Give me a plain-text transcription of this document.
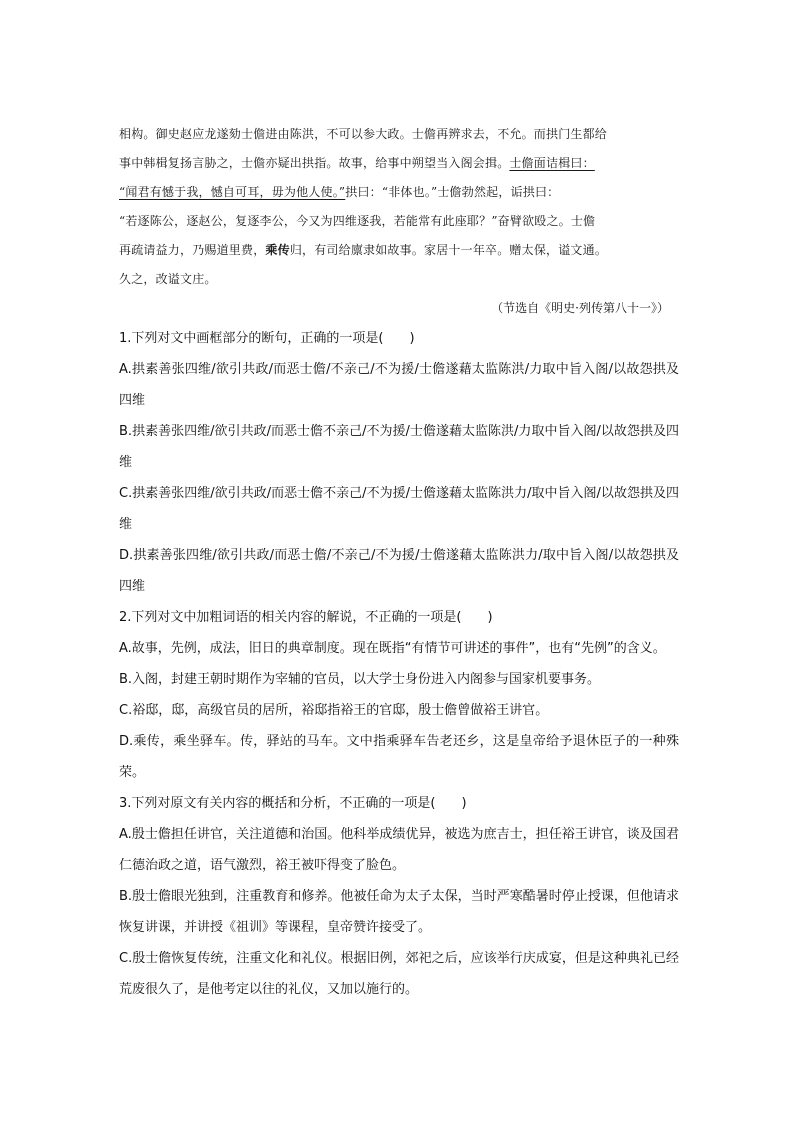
相构。御史赵应龙遂劾士儋进由陈洪，不可以参大政。士儋再辨求去，不允。而拱门生都给

事中韩楫复扬言胁之，士儋亦疑出拱指。故事，给事中朔望当入阁会揖。士儋面诘楫曰：

“闻君有憾于我，憾自可耳，毋为他人使。”拱曰：“非体也。”士儋勃然起，诟拱曰：

“若逐陈公，逐赵公，复逐李公，今又为四维逐我，若能常有此座耶？”奋臂欲殴之。士儋

再疏请益力，乃赐道里费，乘传归，有司给廪隶如故事。家居十一年卒。赠太保，谥文通。

久之，改谥文庄。

（节选自《明史·列传第八十一》）

1.下列对文中画框部分的断句，正确的一项是(　　)

A.拱素善张四维/欲引共政/而恶士儋/不亲己/不为援/士儋遂藉太监陈洪/力取中旨入阁/以故怨拱及四维

B.拱素善张四维/欲引共政/而恶士儋不亲己/不为援/士儋遂藉太监陈洪/力取中旨入阁/以故怨拱及四维

C.拱素善张四维/欲引共政/而恶士儋不亲己/不为援/士儋遂藉太监陈洪力/取中旨入阁/以故怨拱及四维

D.拱素善张四维/欲引共政/而恶士儋/不亲己/不为援/士儋遂藉太监陈洪力/取中旨入阁/以故怨拱及四维

2.下列对文中加粗词语的相关内容的解说，不正确的一项是(　　)

A.故事，先例，成法，旧日的典章制度。现在既指“有情节可讲述的事件”，也有“先例”的含义。

B.入阁，封建王朝时期作为宰辅的官员，以大学士身份进入内阁参与国家机要事务。

C.裕邸，邸，高级官员的居所，裕邸指裕王的官邸，殷士儋曾做裕王讲官。

D.乘传，乘坐驿车。传，驿站的马车。文中指乘驿车告老还乡，这是皇帝给予退休臣子的一种殊荣。

3.下列对原文有关内容的概括和分析，不正确的一项是(　　)

A.殷士儋担任讲官，关注道德和治国。他科举成绩优异，被选为庶吉士，担任裕王讲官，谈及国君仁德治政之道，语气激烈，裕王被吓得变了脸色。

B.殷士儋眼光独到，注重教育和修养。他被任命为太子太保，当时严寒酷暑时停止授课，但他请求恢复讲课，并讲授《祖训》等课程，皇帝赞许接受了。

C.殷士儋恢复传统，注重文化和礼仪。根据旧例，郊祀之后，应该举行庆成宴，但是这种典礼已经荒废很久了，是他考定以往的礼仪，又加以施行的。
